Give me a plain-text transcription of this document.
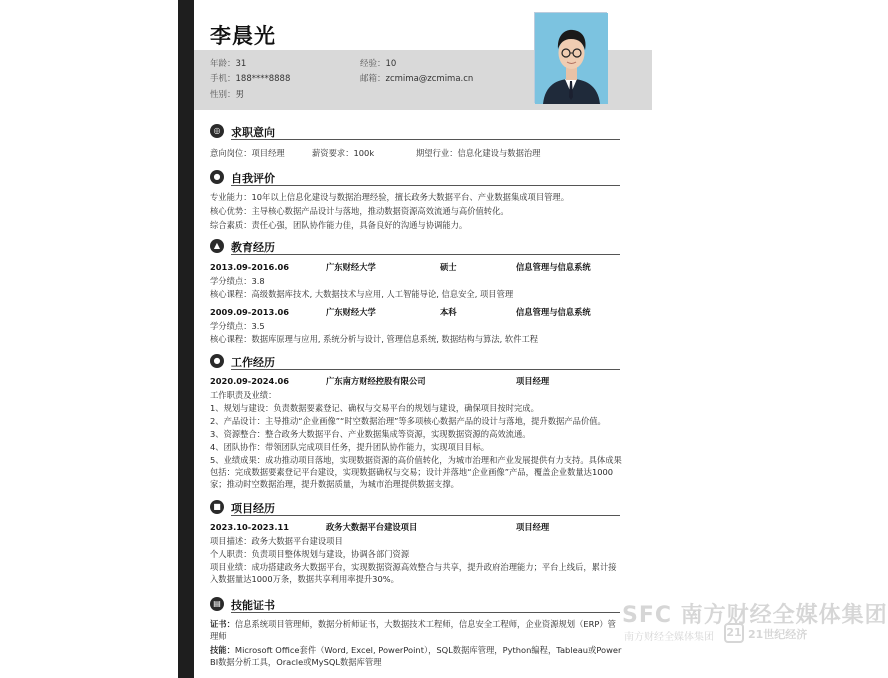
李晨光
年龄：31	经验：10
手机：188****8888	邮箱：zcmima@zcmima.cn
性别：男
◎ 求职意向
意向岗位：项目经理	薪资要求：100k	期望行业：信息化建设与数据治理
● 自我评价
专业能力：10年以上信息化建设与数据治理经验，擅长政务大数据平台、产业数据集成项目管理。
核心优势：主导核心数据产品设计与落地，推动数据资源高效流通与高价值转化。
综合素质：责任心强，团队协作能力佳，具备良好的沟通与协调能力。
▲ 教育经历
2013.09-2016.06	广东财经大学	硕士	信息管理与信息系统
学分绩点：3.8
核心课程：高级数据库技术, 大数据技术与应用, 人工智能导论, 信息安全, 项目管理
2009.09-2013.06	广东财经大学	本科	信息管理与信息系统
学分绩点：3.5
核心课程：数据库原理与应用, 系统分析与设计, 管理信息系统, 数据结构与算法, 软件工程
● 工作经历
2020.09-2024.06	广东南方财经控股有限公司	项目经理
工作职责及业绩：
1、规划与建设：负责数据要素登记、确权与交易平台的规划与建设，确保项目按时完成。
2、产品设计：主导推动“企业画像”“时空数据治理”等多项核心数据产品的设计与落地，提升数据产品价值。
3、资源整合：整合政务大数据平台、产业数据集成等资源，实现数据资源的高效流通。
4、团队协作：带领团队完成项目任务，提升团队协作能力，实现项目目标。
5、业绩成果：成功推动项目落地，实现数据资源的高价值转化，为城市治理和产业发展提供有力支持。具体成果包括：完成数据要素登记平台建设，实现数据确权与交易；设计并落地“企业画像”产品，覆盖企业数量达1000家；推动时空数据治理，提升数据质量，为城市治理提供数据支撑。
■ 项目经历
2023.10-2023.11	政务大数据平台建设项目	项目经理
项目描述：政务大数据平台建设项目
个人职责：负责项目整体规划与建设，协调各部门资源
项目业绩：成功搭建政务大数据平台，实现数据资源高效整合与共享，提升政府治理能力；平台上线后，累计接入数据量达1000万条，数据共享利用率提升30%。
▤ 技能证书
证书：信息系统项目管理师，数据分析师证书，大数据技术工程师，信息安全工程师，企业资源规划（ERP）管理师
技能：Microsoft Office套件（Word, Excel, PowerPoint），SQL数据库管理，Python编程，Tableau或Power BI数据分析工具，Oracle或MySQL数据库管理
SFC 南方财经全媒体集团
南方财经全媒体集团 21 21世纪经济
